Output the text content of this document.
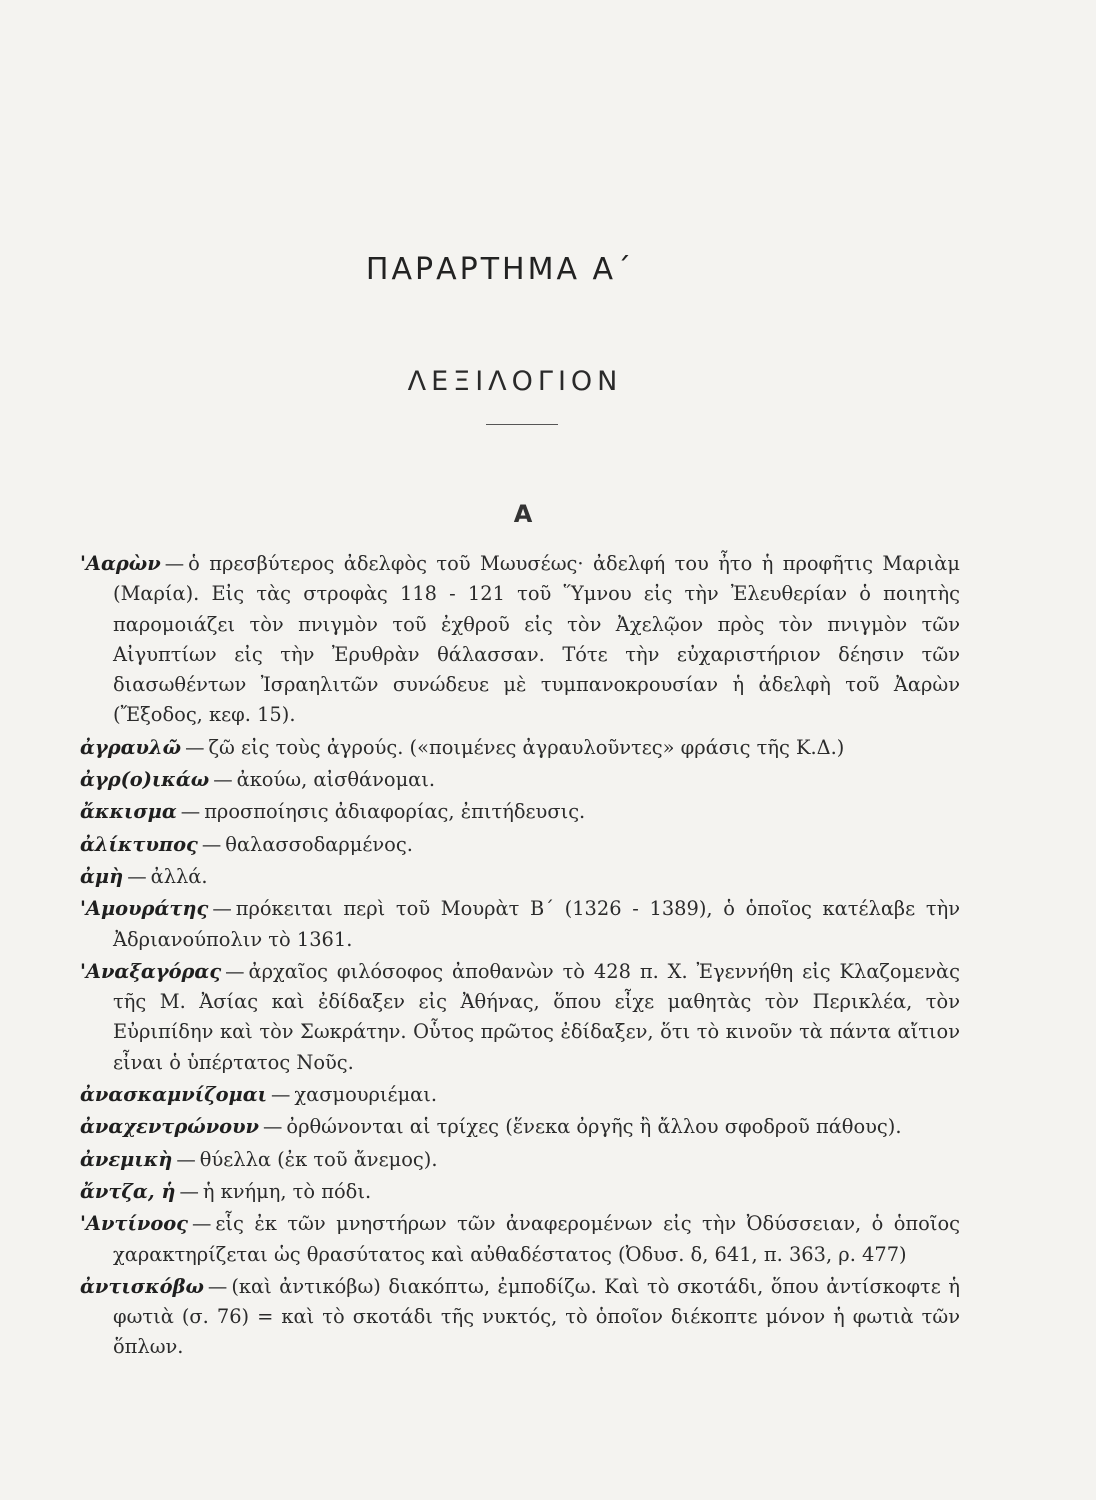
ΠΑΡΑΡΤΗΜΑ Α΄
ΛΕΞΙΛΟΓΙΟΝ
Α

'Ααρὼν — ὁ πρεσβύτερος ἀδελφὸς τοῦ Μωυσέως· ἀδελφή του ἦτο ἡ προφῆτις Μαριὰμ (Μαρία). Εἰς τὰς στροφὰς 118 - 121 τοῦ Ὕμνου εἰς τὴν Ἐλευθερίαν ὁ ποιητὴς παρομοιάζει τὸν πνιγμὸν τοῦ ἐχθροῦ εἰς τὸν Ἀχελῷον πρὸς τὸν πνιγμὸν τῶν Αἰγυπτίων εἰς τὴν Ἐρυθρὰν θάλασσαν. Τότε τὴν εὐχαριστήριον δέησιν τῶν διασωθέντων Ἰσραηλιτῶν συνώδευε μὲ τυμπανοκρουσίαν ἡ ἀδελφὴ τοῦ Ἀαρὼν (Ἔξοδος, κεφ. 15).

ἀγραυλῶ — ζῶ εἰς τοὺς ἀγρούς. («ποιμένες ἀγραυλοῦντες» φράσις τῆς Κ.Δ.)

ἀγρ(ο)ικάω — ἀκούω, αἰσθάνομαι.

ἄκκισμα — προσποίησις ἀδιαφορίας, ἐπιτήδευσις.

ἀλίκτυπος — θαλασσοδαρμένος.

ἀμὴ — ἀλλά.

'Αμουράτης — πρόκειται περὶ τοῦ Μουρὰτ Β΄ (1326 - 1389), ὁ ὁποῖος κατέλαβε τὴν Ἀδριανούπολιν τὸ 1361.

'Αναξαγόρας — ἀρχαῖος φιλόσοφος ἀποθανὼν τὸ 428 π. Χ. Ἐγεννήθη εἰς Κλαζομενὰς τῆς Μ. Ἀσίας καὶ ἐδίδαξεν εἰς Ἀθήνας, ὅπου εἶχε μαθητὰς τὸν Περικλέα, τὸν Εὐριπίδην καὶ τὸν Σωκράτην. Οὗτος πρῶτος ἐδίδαξεν, ὅτι τὸ κινοῦν τὰ πάντα αἴτιον εἶναι ὁ ὑπέρτατος Νοῦς.

ἀνασκαμνίζομαι — χασμουριέμαι.

ἀναχεντρώνουν — ὀρθώνονται αἱ τρίχες (ἕνεκα ὀργῆς ἢ ἄλλου σφοδροῦ πάθους).

ἀνεμικὴ — θύελλα (ἐκ τοῦ ἄνεμος).

ἄντζα, ἡ — ἡ κνήμη, τὸ πόδι.

'Αντίνοος — εἷς ἐκ τῶν μνηστήρων τῶν ἀναφερομένων εἰς τὴν Ὀδύσσειαν, ὁ ὁποῖος χαρακτηρίζεται ὡς θρασύτατος καὶ αὐθαδέστατος (Ὀδυσ. δ, 641, π. 363, ρ. 477)

ἀντισκόβω — (καὶ ἀντικόβω) διακόπτω, ἐμποδίζω. Καὶ τὸ σκοτάδι, ὅπου ἀντίσκοφτε ἡ φωτιὰ (σ. 76) = καὶ τὸ σκοτάδι τῆς νυκτός, τὸ ὁποῖον διέκοπτε μόνον ἡ φωτιὰ τῶν ὅπλων.
